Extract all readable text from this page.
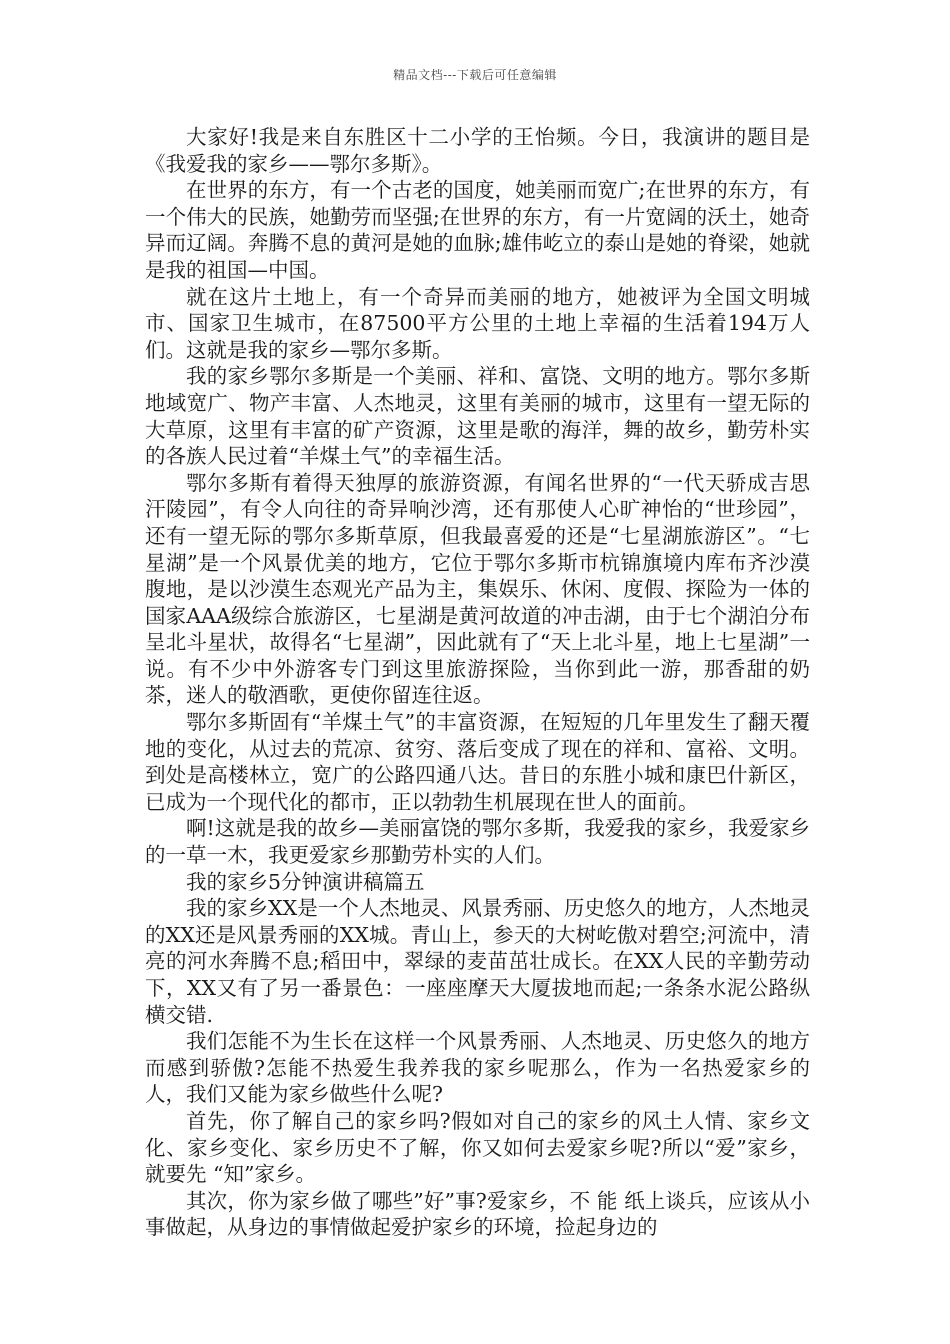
精品文档---下载后可任意编辑

大家好!我是来自东胜区十二小学的王怡频。今日，我演讲的题目是《我爱我的家乡——鄂尔多斯》。

在世界的东方，有一个古老的国度，她美丽而宽广;在世界的东方，有一个伟大的民族，她勤劳而坚强;在世界的东方，有一片宽阔的沃土，她奇异而辽阔。奔腾不息的黄河是她的血脉;雄伟屹立的泰山是她的脊梁，她就是我的祖国—中国。

就在这片土地上，有一个奇异而美丽的地方，她被评为全国文明城市、国家卫生城市，在87500平方公里的土地上幸福的生活着194万人们。这就是我的家乡—鄂尔多斯。

我的家乡鄂尔多斯是一个美丽、祥和、富饶、文明的地方。鄂尔多斯地域宽广、物产丰富、人杰地灵，这里有美丽的城市，这里有一望无际的大草原，这里有丰富的矿产资源，这里是歌的海洋，舞的故乡，勤劳朴实的各族人民过着“羊煤土气”的幸福生活。

鄂尔多斯有着得天独厚的旅游资源，有闻名世界的“一代天骄成吉思汗陵园”，有令人向往的奇异响沙湾，还有那使人心旷神怡的“世珍园”，还有一望无际的鄂尔多斯草原，但我最喜爱的还是“七星湖旅游区”。“七星湖”是一个风景优美的地方，它位于鄂尔多斯市杭锦旗境内库布齐沙漠腹地，是以沙漠生态观光产品为主，集娱乐、休闲、度假、探险为一体的国家AAA级综合旅游区，七星湖是黄河故道的冲击湖，由于七个湖泊分布呈北斗星状，故得名“七星湖”，因此就有了“天上北斗星，地上七星湖”一说。有不少中外游客专门到这里旅游探险，当你到此一游，那香甜的奶茶，迷人的敬酒歌，更使你留连往返。

鄂尔多斯固有“羊煤土气”的丰富资源，在短短的几年里发生了翻天覆地的变化，从过去的荒凉、贫穷、落后变成了现在的祥和、富裕、文明。到处是高楼林立，宽广的公路四通八达。昔日的东胜小城和康巴什新区，已成为一个现代化的都市，正以勃勃生机展现在世人的面前。

啊!这就是我的故乡—美丽富饶的鄂尔多斯，我爱我的家乡，我爱家乡的一草一木，我更爱家乡那勤劳朴实的人们。

我的家乡5分钟演讲稿篇五

我的家乡XX是一个人杰地灵、风景秀丽、历史悠久的地方，人杰地灵的XX还是风景秀丽的XX城。青山上，参天的大树屹傲对碧空;河流中，清亮的河水奔腾不息;稻田中，翠绿的麦苗茁壮成长。在XX人民的辛勤劳动下，XX又有了另一番景色：一座座摩天大厦拔地而起;一条条水泥公路纵横交错.

我们怎能不为生长在这样一个风景秀丽、人杰地灵、历史悠久的地方而感到骄傲?怎能不热爱生我养我的家乡呢那么，作为一名热爱家乡的人，我们又能为家乡做些什么呢?

首先，你了解自己的家乡吗?假如对自己的家乡的风土人情、家乡文化、家乡变化、家乡历史不了解，你又如何去爱家乡呢?所以“爱”家乡，就要先 “知”家乡。

其次，你为家乡做了哪些”好”事?爱家乡，不 能 纸上谈兵，应该从小事做起，从身边的事情做起爱护家乡的环境，捡起身边的
